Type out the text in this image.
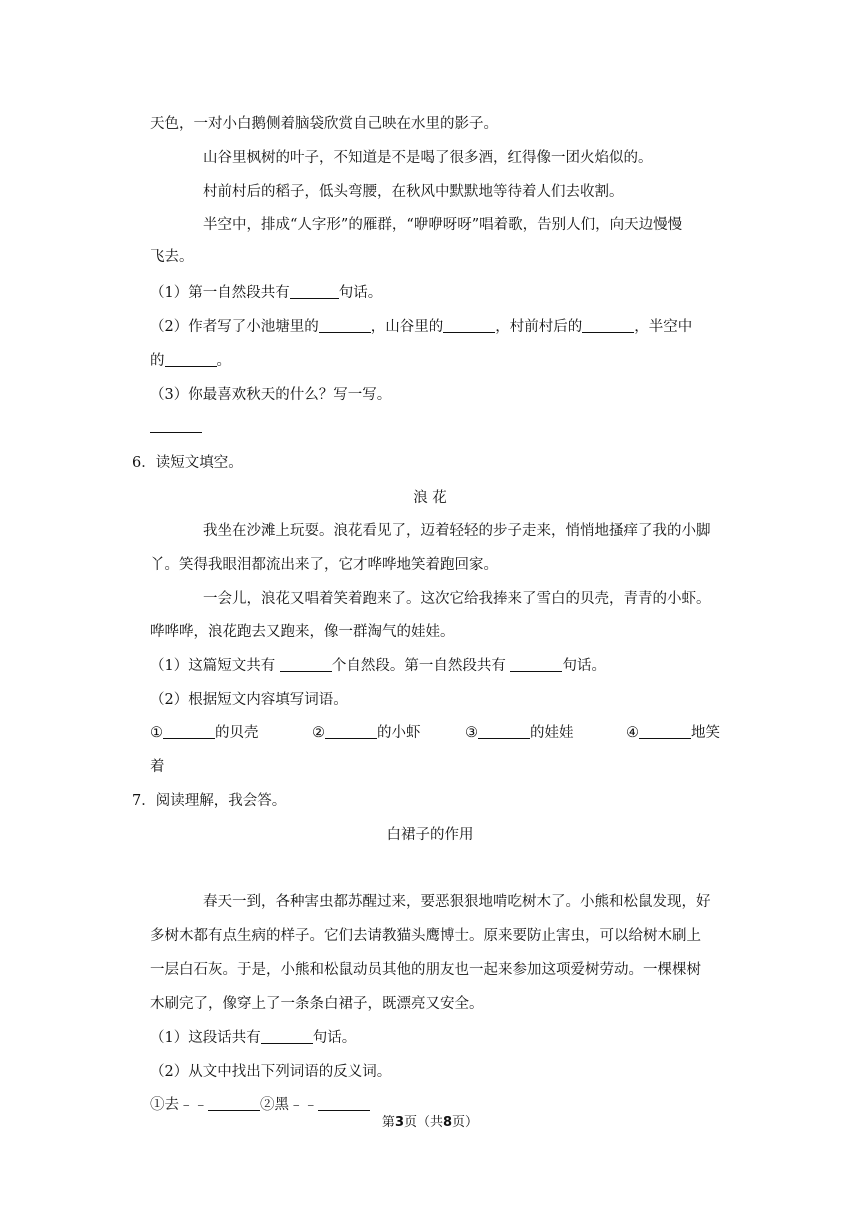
天色，一对小白鹅侧着脑袋欣赏自己映在水里的影子。
山谷里枫树的叶子，不知道是不是喝了很多酒，红得像一团火焰似的。
村前村后的稻子，低头弯腰，在秋风中默默地等待着人们去收割。
半空中，排成“人字形”的雁群，“咿咿呀呀”唱着歌，告别人们，向天边慢慢
飞去。
（1）第一自然段共有	句话。
（2）作者写了小池塘里的	，山谷里的	，村前村后的	，半空中
的	。
（3）你最喜欢秋天的什么？写一写。
6．读短文填空。
浪 花
我坐在沙滩上玩耍。浪花看见了，迈着轻轻的步子走来，悄悄地搔痒了我的小脚
丫。笑得我眼泪都流出来了，它才哗哗地笑着跑回家。
一会儿，浪花又唱着笑着跑来了。这次它给我捧来了雪白的贝壳，青青的小虾。
哗哗哗，浪花跑去又跑来，像一群淘气的娃娃。
（1）这篇短文共有	个自然段。第一自然段共有	句话。
（2）根据短文内容填写词语。
①	的贝壳	②	的小虾	③	的娃娃	④	地笑
着
7．阅读理解，我会答。
白裙子的作用
春天一到，各种害虫都苏醒过来，要恶狠狠地啃吃树木了。小熊和松鼠发现，好
多树木都有点生病的样子。它们去请教猫头鹰博士。原来要防止害虫，可以给树木刷上
一层白石灰。于是，小熊和松鼠动员其他的朋友也一起来参加这项爱树劳动。一棵棵树
木刷完了，像穿上了一条条白裙子，既漂亮又安全。
（1）这段话共有	句话。
（2）从文中找出下列词语的反义词。
①去﹣﹣	②黑﹣﹣
第3页（共8页）
